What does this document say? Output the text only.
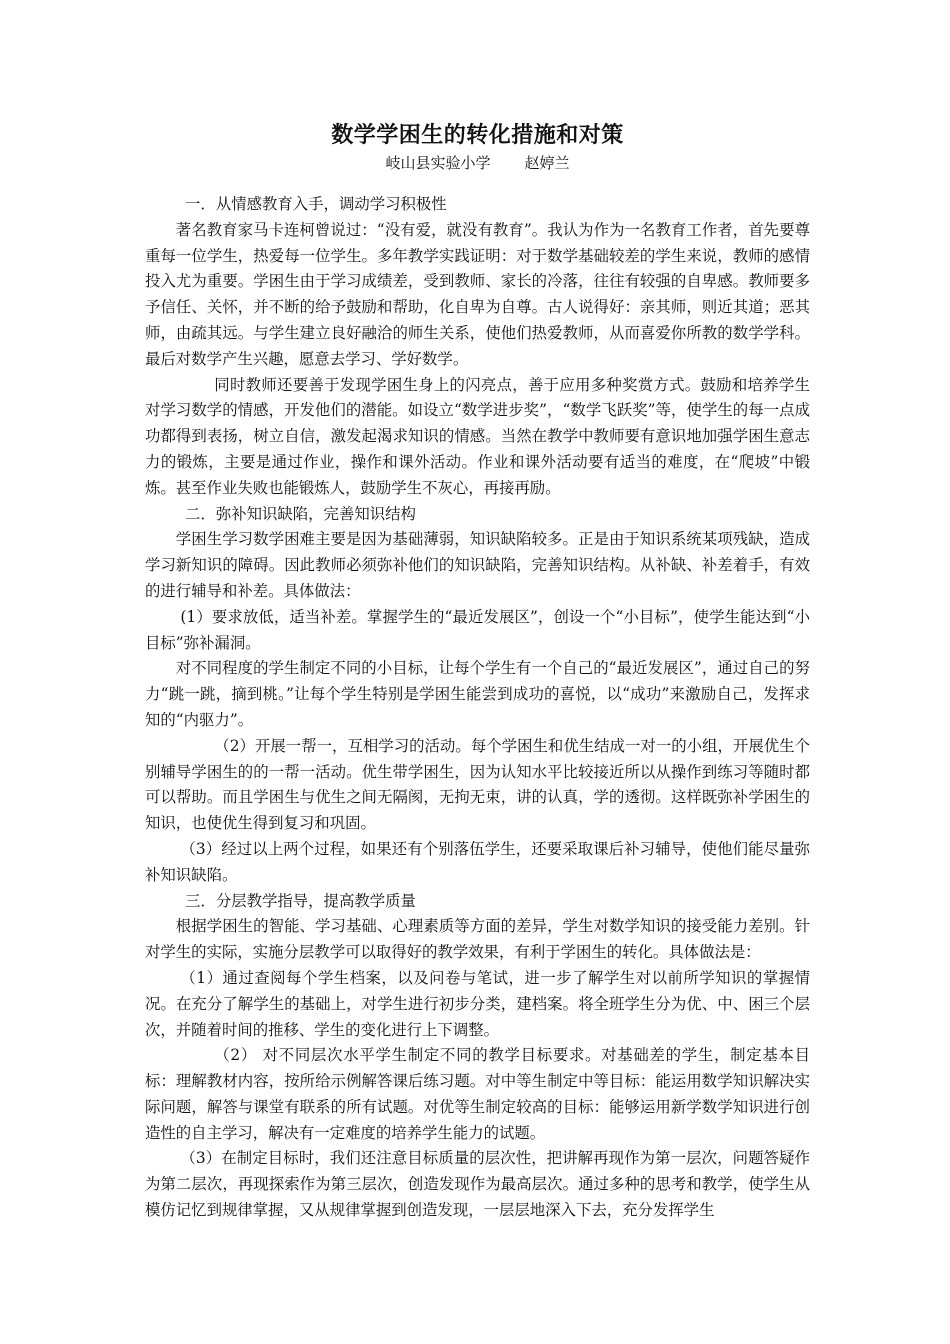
数学学困生的转化措施和对策
岐山县实验小学 赵婷兰

一．从情感教育入手，调动学习积极性

著名教育家马卡连柯曾说过：“没有爱，就没有教育”。我认为作为一名教育工作者，首先要尊重每一位学生，热爱每一位学生。多年教学实践证明：对于数学基础较差的学生来说，教师的感情投入尤为重要。学困生由于学习成绩差，受到教师、家长的冷落，往往有较强的自卑感。教师要多予信任、关怀，并不断的给予鼓励和帮助，化自卑为自尊。古人说得好：亲其师，则近其道；恶其师，由疏其远。与学生建立良好融洽的师生关系，使他们热爱教师，从而喜爱你所教的数学学科。最后对数学产生兴趣，愿意去学习、学好数学。

同时教师还要善于发现学困生身上的闪亮点，善于应用多种奖赏方式。鼓励和培养学生对学习数学的情感，开发他们的潜能。如设立“数学进步奖”，“数学飞跃奖”等，使学生的每一点成功都得到表扬，树立自信，激发起渴求知识的情感。当然在教学中教师要有意识地加强学困生意志力的锻炼，主要是通过作业，操作和课外活动。作业和课外活动要有适当的难度，在“爬坡”中锻炼。甚至作业失败也能锻炼人，鼓励学生不灰心，再接再励。

二．弥补知识缺陷，完善知识结构

学困生学习数学困难主要是因为基础薄弱，知识缺陷较多。正是由于知识系统某项残缺，造成学习新知识的障碍。因此教师必须弥补他们的知识缺陷，完善知识结构。从补缺、补差着手，有效的进行辅导和补差。具体做法：

(1）要求放低，适当补差。掌握学生的“最近发展区”，创设一个“小目标”，使学生能达到“小目标”弥补漏洞。

对不同程度的学生制定不同的小目标，让每个学生有一个自己的“最近发展区”，通过自己的努力“跳一跳，摘到桃。”让每个学生特别是学困生能尝到成功的喜悦，以“成功”来激励自己，发挥求知的“内驱力”。

（2）开展一帮一，互相学习的活动。每个学困生和优生结成一对一的小组，开展优生个别辅导学困生的的一帮一活动。优生带学困生，因为认知水平比较接近所以从操作到练习等随时都可以帮助。而且学困生与优生之间无隔阂，无拘无束，讲的认真，学的透彻。这样既弥补学困生的知识，也使优生得到复习和巩固。

（3）经过以上两个过程，如果还有个别落伍学生，还要采取课后补习辅导，使他们能尽量弥补知识缺陷。

三．分层教学指导，提高教学质量

根据学困生的智能、学习基础、心理素质等方面的差异，学生对数学知识的接受能力差别。针对学生的实际，实施分层教学可以取得好的教学效果，有利于学困生的转化。具体做法是：

（1）通过查阅每个学生档案，以及问卷与笔试，进一步了解学生对以前所学知识的掌握情况。在充分了解学生的基础上，对学生进行初步分类，建档案。将全班学生分为优、中、困三个层次，并随着时间的推移、学生的变化进行上下调整。

（2） 对不同层次水平学生制定不同的教学目标要求。对基础差的学生，制定基本目标：理解教材内容，按所给示例解答课后练习题。对中等生制定中等目标：能运用数学知识解决实际问题，解答与课堂有联系的所有试题。对优等生制定较高的目标：能够运用新学数学知识进行创造性的自主学习，解决有一定难度的培养学生能力的试题。

（3）在制定目标时，我们还注意目标质量的层次性，把讲解再现作为第一层次，问题答疑作为第二层次，再现探索作为第三层次，创造发现作为最高层次。通过多种的思考和教学，使学生从模仿记忆到规律掌握，又从规律掌握到创造发现，一层层地深入下去，充分发挥学生
